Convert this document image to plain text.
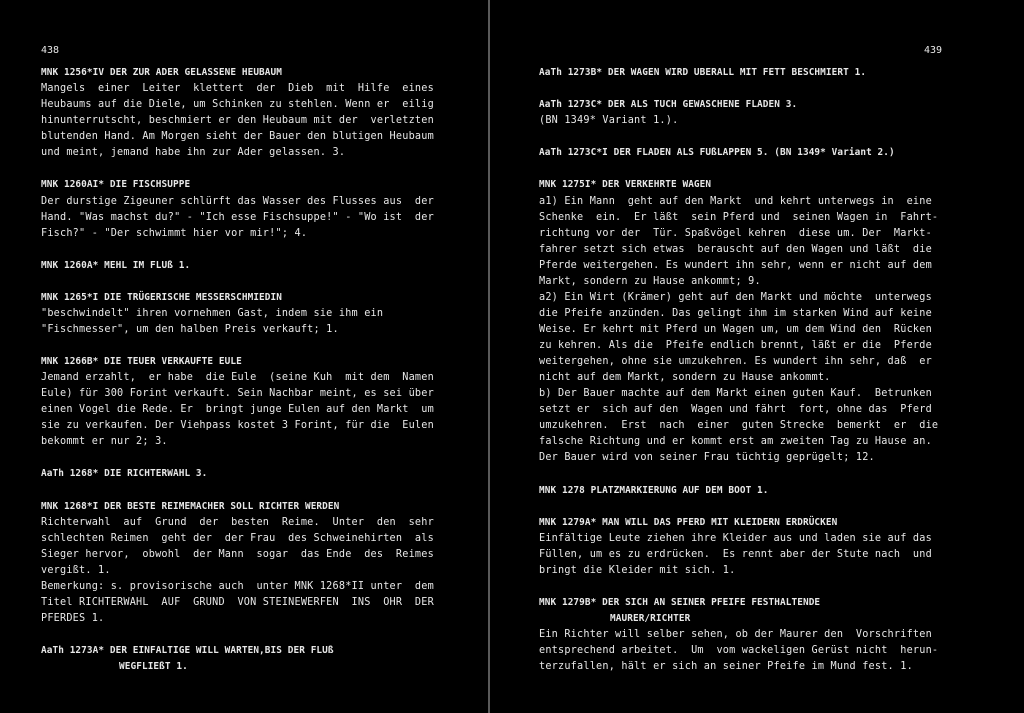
438
MNK 1256*IV DER ZUR ADER GELASSENE HEUBAUM
Mangels  einer  Leiter  klettert  der  Dieb  mit  Hilfe  eines
Heubaums auf die Diele, um Schinken zu stehlen. Wenn er  eilig
hinunterrutscht, beschmiert er den Heubaum mit der  verletzten
blutenden Hand. Am Morgen sieht der Bauer den blutigen Heubaum
und meint, jemand habe ihn zur Ader gelassen. 3.
MNK 1260AI* DIE FISCHSUPPE
Der durstige Zigeuner schlürft das Wasser des Flusses aus  der
Hand. "Was machst du?" - "Ich esse Fischsuppe!" - "Wo ist  der
Fisch?" - "Der schwimmt hier vor mir!"; 4.
MNK 1260A* MEHL IM FLUß 1.
MNK 1265*I DIE TRÜGERISCHE MESSERSCHMIEDIN
"beschwindelt" ihren vornehmen Gast, indem sie ihm ein
"Fischmesser", um den halben Preis verkauft; 1.
MNK 1266B* DIE TEUER VERKAUFTE EULE
Jemand erzahlt,  er habe  die Eule  (seine Kuh  mit dem  Namen
Eule) für 300 Forint verkauft. Sein Nachbar meint, es sei über
einen Vogel die Rede. Er  bringt junge Eulen auf den Markt  um
sie zu verkaufen. Der Viehpass kostet 3 Forint, für die  Eulen
bekommt er nur 2; 3.
AaTh 1268* DIE RICHTERWAHL 3.
MNK 1268*I DER BESTE REIMEMACHER SOLL RICHTER WERDEN
Richterwahl  auf  Grund  der  besten  Reime.  Unter  den  sehr
schlechten Reimen  geht der  der Frau  des Schweinehirten  als
Sieger hervor,  obwohl  der Mann  sogar  das Ende  des  Reimes
vergißt. 1.
Bemerkung: s. provisorische auch  unter MNK 1268*II unter  dem
Titel RICHTERWAHL  AUF  GRUND  VON STEINEWERFEN  INS  OHR  DER
PFERDES 1.
AaTh 1273A* DER EINFALTIGE WILL WARTEN,BIS DER FLUß
WEGFLIEßT 1.
439
AaTh 1273B* DER WAGEN WIRD UBERALL MIT FETT BESCHMIERT 1.
AaTh 1273C* DER ALS TUCH GEWASCHENE FLADEN 3.
(BN 1349* Variant 1.).
AaTh 1273C*I DER FLADEN ALS FUßLAPPEN 5. (BN 1349* Variant 2.)
MNK 1275I* DER VERKEHRTE WAGEN
a1) Ein Mann  geht auf den Markt  und kehrt unterwegs in  eine
Schenke  ein.  Er läßt  sein Pferd und  seinen Wagen in  Fahrt-
richtung vor der  Tür. Spaßvögel kehren  diese um. Der  Markt-
fahrer setzt sich etwas  berauscht auf den Wagen und läßt  die
Pferde weitergehen. Es wundert ihn sehr, wenn er nicht auf dem
Markt, sondern zu Hause ankommt; 9.
a2) Ein Wirt (Krämer) geht auf den Markt und möchte  unterwegs
die Pfeife anzünden. Das gelingt ihm im starken Wind auf keine
Weise. Er kehrt mit Pferd un Wagen um, um dem Wind den  Rücken
zu kehren. Als die  Pfeife endlich brennt, läßt er die  Pferde
weitergehen, ohne sie umzukehren. Es wundert ihn sehr, daß  er
nicht auf dem Markt, sondern zu Hause ankommt.
b) Der Bauer machte auf dem Markt einen guten Kauf.  Betrunken
setzt er  sich auf den  Wagen und fährt  fort, ohne das  Pferd
umzukehren.  Erst  nach  einer  guten Strecke  bemerkt  er  die
falsche Richtung und er kommt erst am zweiten Tag zu Hause an.
Der Bauer wird von seiner Frau tüchtig geprügelt; 12.
MNK 1278 PLATZMARKIERUNG AUF DEM BOOT 1.
MNK 1279A* MAN WILL DAS PFERD MIT KLEIDERN ERDRÜCKEN
Einfältige Leute ziehen ihre Kleider aus und laden sie auf das
Füllen, um es zu erdrücken.  Es rennt aber der Stute nach  und
bringt die Kleider mit sich. 1.
MNK 1279B* DER SICH AN SEINER PFEIFE FESTHALTENDE
MAURER/RICHTER
Ein Richter will selber sehen, ob der Maurer den  Vorschriften
entsprechend arbeitet.  Um  vom wackeligen Gerüst nicht  herun-
terzufallen, hält er sich an seiner Pfeife im Mund fest. 1.
